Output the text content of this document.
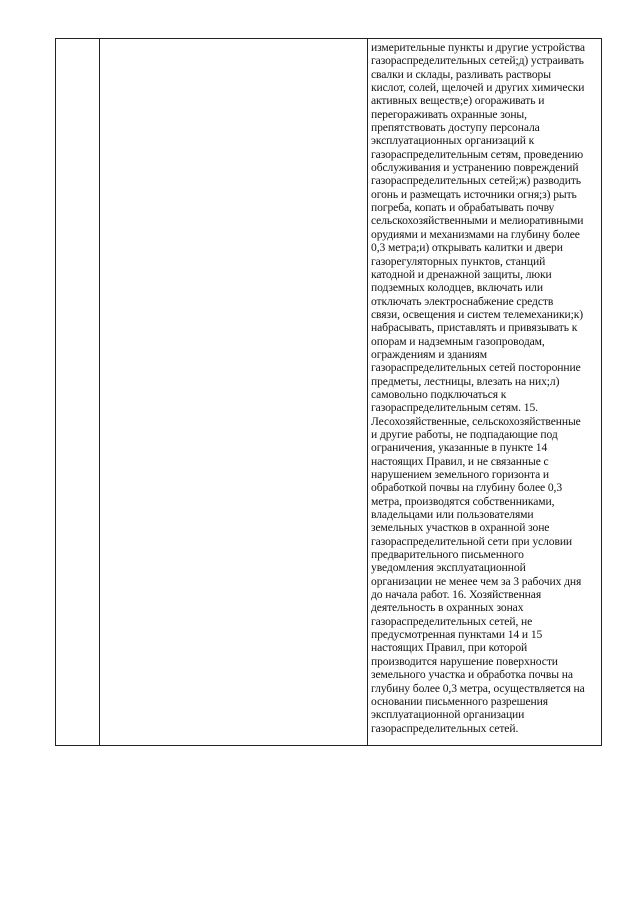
измерительные пункты и другие устройства
газораспределительных сетей;д) устраивать
свалки и склады, разливать растворы
кислот, солей, щелочей и других химически
активных веществ;е) огораживать и
перегораживать охранные зоны,
препятствовать доступу персонала
эксплуатационных организаций к
газораспределительным сетям, проведению
обслуживания и устранению повреждений
газораспределительных сетей;ж) разводить
огонь и размещать источники огня;з) рыть
погреба, копать и обрабатывать почву
сельскохозяйственными и мелиоративными
орудиями и механизмами на глубину более
0,3 метра;и) открывать калитки и двери
газорегуляторных пунктов, станций
катодной и дренажной защиты, люки
подземных колодцев, включать или
отключать электроснабжение средств
связи, освещения и систем телемеханики;к)
набрасывать, приставлять и привязывать к
опорам и надземным газопроводам,
ограждениям и зданиям
газораспределительных сетей посторонние
предметы, лестницы, влезать на них;л)
самовольно подключаться к
газораспределительным сетям. 15.
Лесохозяйственные, сельскохозяйственные
и другие работы, не подпадающие под
ограничения, указанные в пункте 14
настоящих Правил, и не связанные с
нарушением земельного горизонта и
обработкой почвы на глубину более 0,3
метра, производятся собственниками,
владельцами или пользователями
земельных участков в охранной зоне
газораспределительной сети при условии
предварительного письменного
уведомления эксплуатационной
организации не менее чем за 3 рабочих дня
до начала работ. 16. Хозяйственная
деятельность в охранных зонах
газораспределительных сетей, не
предусмотренная пунктами 14 и 15
настоящих Правил, при которой
производится нарушение поверхности
земельного участка и обработка почвы на
глубину более 0,3 метра, осуществляется на
основании письменного разрешения
эксплуатационной организации
газораспределительных сетей.
